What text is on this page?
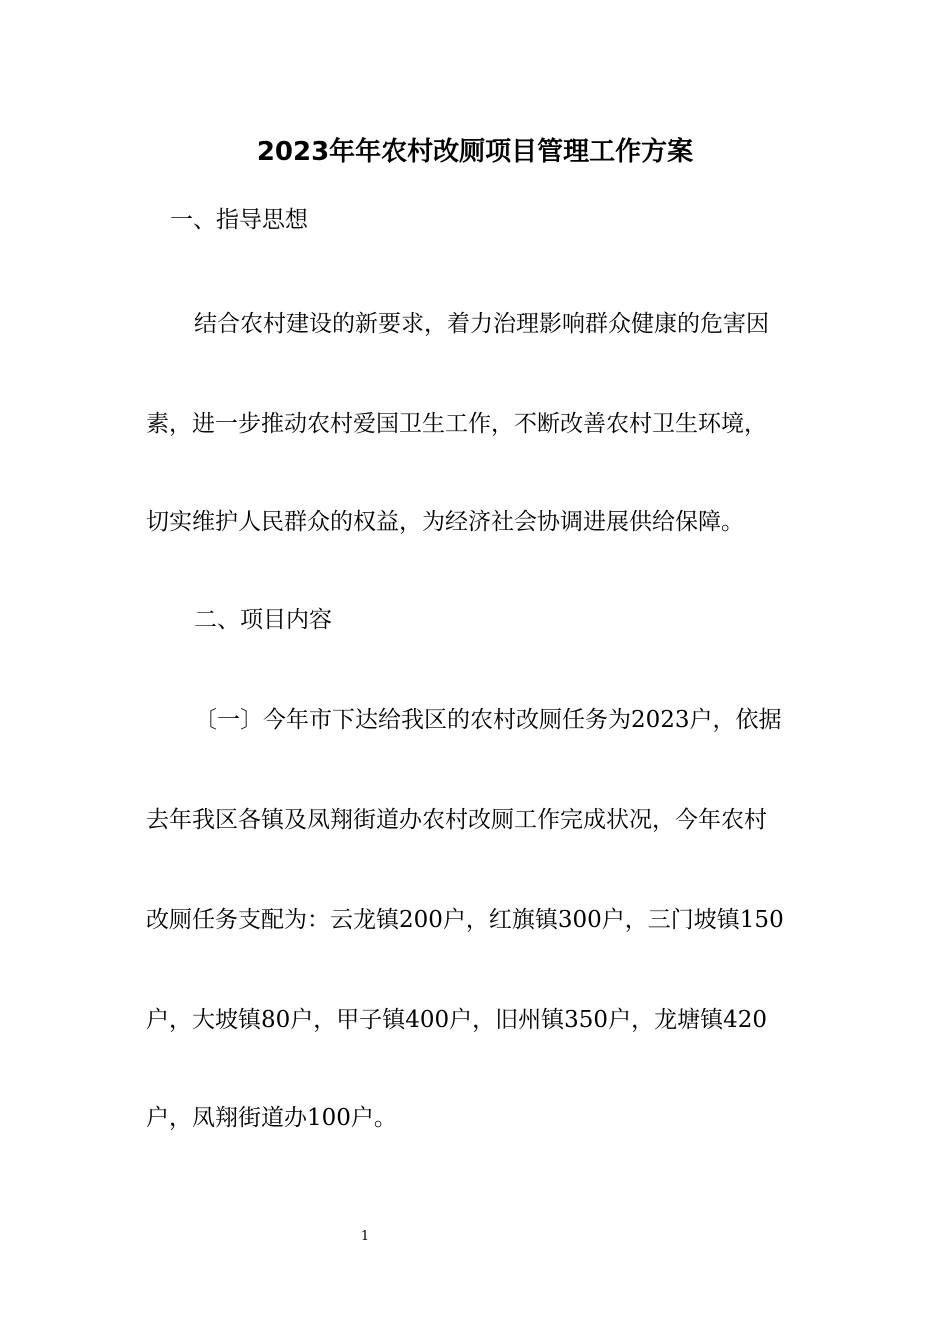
2023年年农村改厕项目管理工作方案
一、指导思想
结合农村建设的新要求，着力治理影响群众健康的危害因
素，进一步推动农村爱国卫生工作，不断改善农村卫生环境，
切实维护人民群众的权益，为经济社会协调进展供给保障。
二、项目内容
〔一〕今年市下达给我区的农村改厕任务为2023户，依据
去年我区各镇及凤翔街道办农村改厕工作完成状况，今年农村
改厕任务支配为：云龙镇200户，红旗镇300户，三门坡镇150
户，大坡镇80户，甲子镇400户，旧州镇350户，龙塘镇420
户，凤翔街道办100户。
1
